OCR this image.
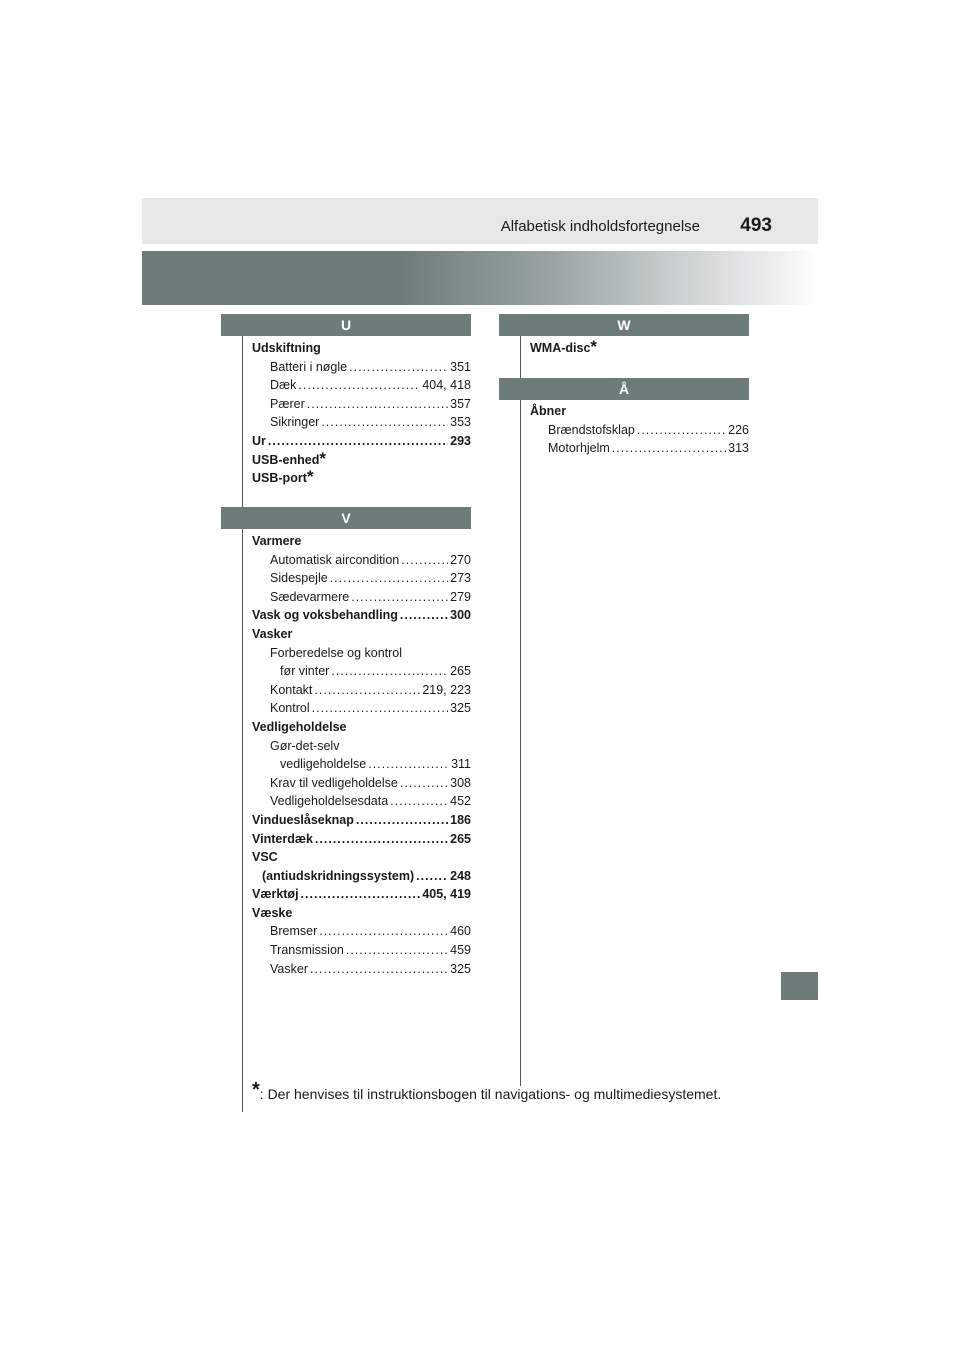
Alfabetisk indholdsfortegnelse 493
U
Udskiftning
Batteri i nøgle .....	351
Dæk .....	404, 418
Pærer .....	357
Sikringer .....	353
Ur .....	293
USB-enhed *
USB-port *
V
Varmere
Automatisk aircondition .....	270
Sidespejle .....	273
Sædevarmere .....	279
Vask og voksbehandling .....	300
Vasker
Forberedelse og kontrol
før vinter .....	265
Kontakt .....	219, 223
Kontrol .....	325
Vedligeholdelse
Gør-det-selv
vedligeholdelse .....	311
Krav til vedligeholdelse .....	308
Vedligeholdelsesdata .....	452
Vindueslåseknap .....	186
Vinterdæk .....	265
VSC
(antiudskridningssystem) .....	248
Værktøj .....	405, 419
Væske
Bremser .....	460
Transmission .....	459
Vasker .....	325
W
WMA-disc *
Å
Åbner
Brændstofsklap .....	226
Motorhjelm .....	313
*: Der henvises til instruktionsbogen til navigations- og multimediesystemet.
